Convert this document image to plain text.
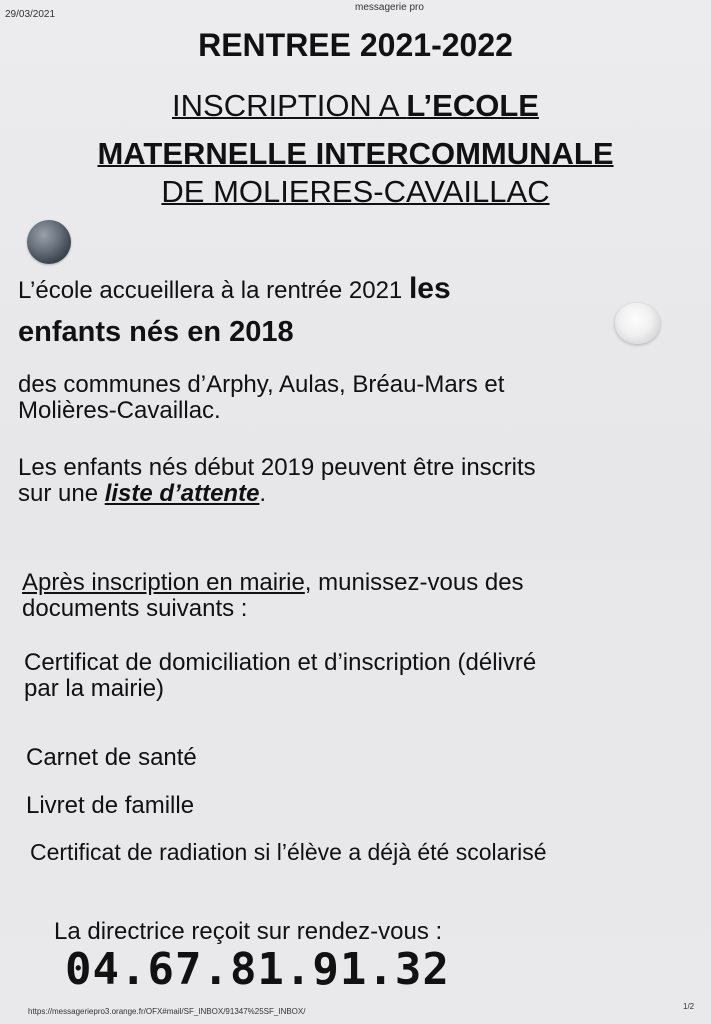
29/03/2021
messagerie pro
RENTREE 2021-2022
INSCRIPTION A L’ECOLE
MATERNELLE INTERCOMMUNALE
DE MOLIERES-CAVAILLAC
L’école accueillera à la rentrée 2021 les
enfants nés en 2018
des communes d’Arphy, Aulas, Bréau-Mars et
Molières-Cavaillac.
Les enfants nés début 2019 peuvent être inscrits
sur une liste d’attente.
Après inscription en mairie, munissez-vous des
documents suivants :
Certificat de domiciliation et d’inscription (délivré
par la mairie)
Carnet de santé
Livret de famille
Certificat de radiation si l’élève a déjà été scolarisé
La directrice reçoit sur rendez-vous :
04.67.81.91.32
https://messageriepro3.orange.fr/OFX#mail/SF_INBOX/91347%25SF_INBOX/
1/2
